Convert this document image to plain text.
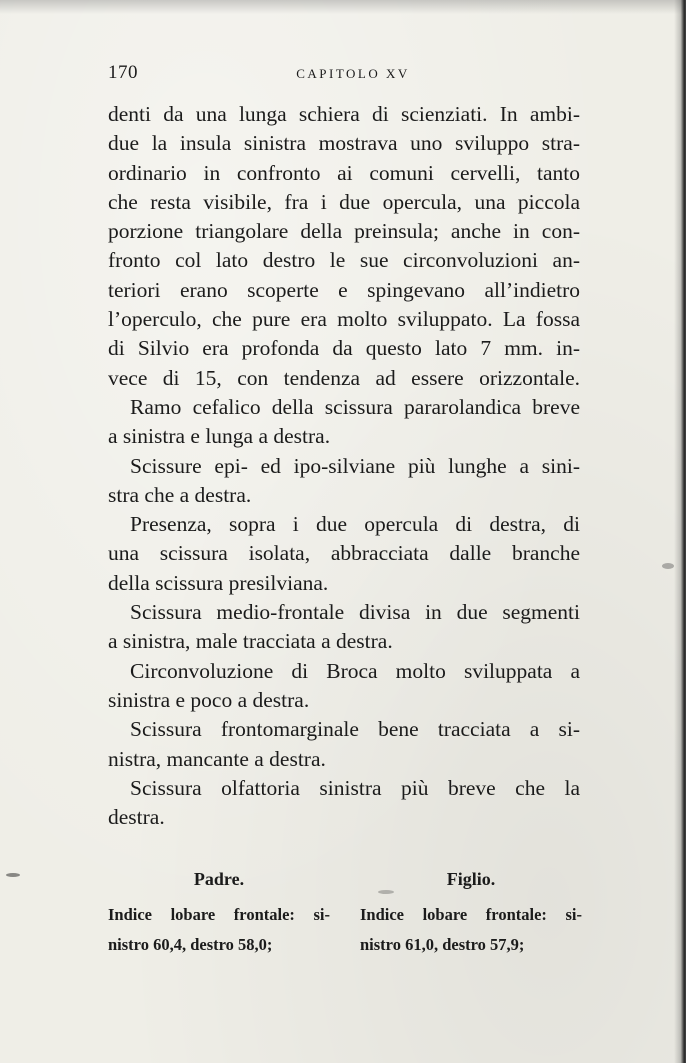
170	CAPITOLO XV
denti da una lunga schiera di scienziati. In ambi-
due la insula sinistra mostrava uno sviluppo stra-
ordinario in confronto ai comuni cervelli, tanto
che resta visibile, fra i due opercula, una piccola
porzione triangolare della preinsula; anche in con-
fronto col lato destro le sue circonvoluzioni an-
teriori erano scoperte e spingevano all’indietro
l’operculo, che pure era molto sviluppato. La fossa
di Silvio era profonda da questo lato 7 mm. in-
vece di 15, con tendenza ad essere orizzontale.
Ramo cefalico della scissura pararolandica breve
a sinistra e lunga a destra.
Scissure epi- ed ipo-silviane più lunghe a sini-
stra che a destra.
Presenza, sopra i due opercula di destra, di
una scissura isolata, abbracciata dalle branche
della scissura presilviana.
Scissura medio-frontale divisa in due segmenti
a sinistra, male tracciata a destra.
Circonvoluzione di Broca molto sviluppata a
sinistra e poco a destra.
Scissura frontomarginale bene tracciata a si-
nistra, mancante a destra.
Scissura olfattoria sinistra più breve che la
destra.
Padre.
Indice lobare frontale: si-
nistro 60,4, destro 58,0;
Figlio.
Indice lobare frontale: si-
nistro 61,0, destro 57,9;
